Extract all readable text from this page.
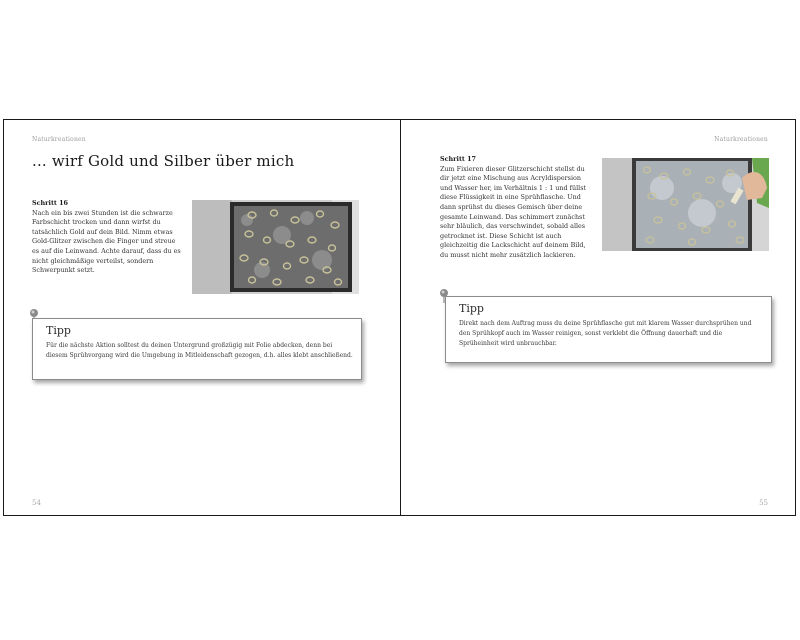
Naturkreationen
... wirf Gold und Silber über mich
Schritt 16
Nach ein bis zwei Stunden ist die schwarze Farbschicht trocken und dann wirfst du tatsächlich Gold auf dein Bild. Nimm etwas Gold-Glitzer zwischen die Finger und streue es auf die Leinwand. Achte darauf, dass du es nicht gleichmäßige verteilst, sondern Schwerpunkt setzt.
Tipp

Für die nächste Aktion solltest du deinen Untergrund großzügig mit Folie abdecken, denn bei diesem Sprühvorgang wird die Umgebung in Mitleidenschaft gezogen, d.h. alles klebt anschließend.

54
Naturkreationen
Schritt 17
Zum Fixieren dieser Glitzerschicht stellst du dir jetzt eine Mischung aus Acryldispersion und Wasser her, im Verhältnis 1 : 1 und füllst diese Flüssigkeit in eine Sprühflasche. Und dann sprühst du dieses Gemisch über deine gesamte Leinwand. Das schimmert zunächst sehr bläulich, das verschwindet, sobald alles getrocknet ist. Diese Schicht ist auch gleichzeitig die Lackschicht auf deinem Bild, du musst nicht mehr zusätzlich lackieren.
Tipp

Direkt nach dem Auftrag muss du deine Sprühflasche gut mit klarem Wasser durchsprühen und den Sprühkopf auch im Wasser reinigen, sonst verklebt die Öffnung dauerhaft und die Sprüheinheit wird unbrauchbar.

55
